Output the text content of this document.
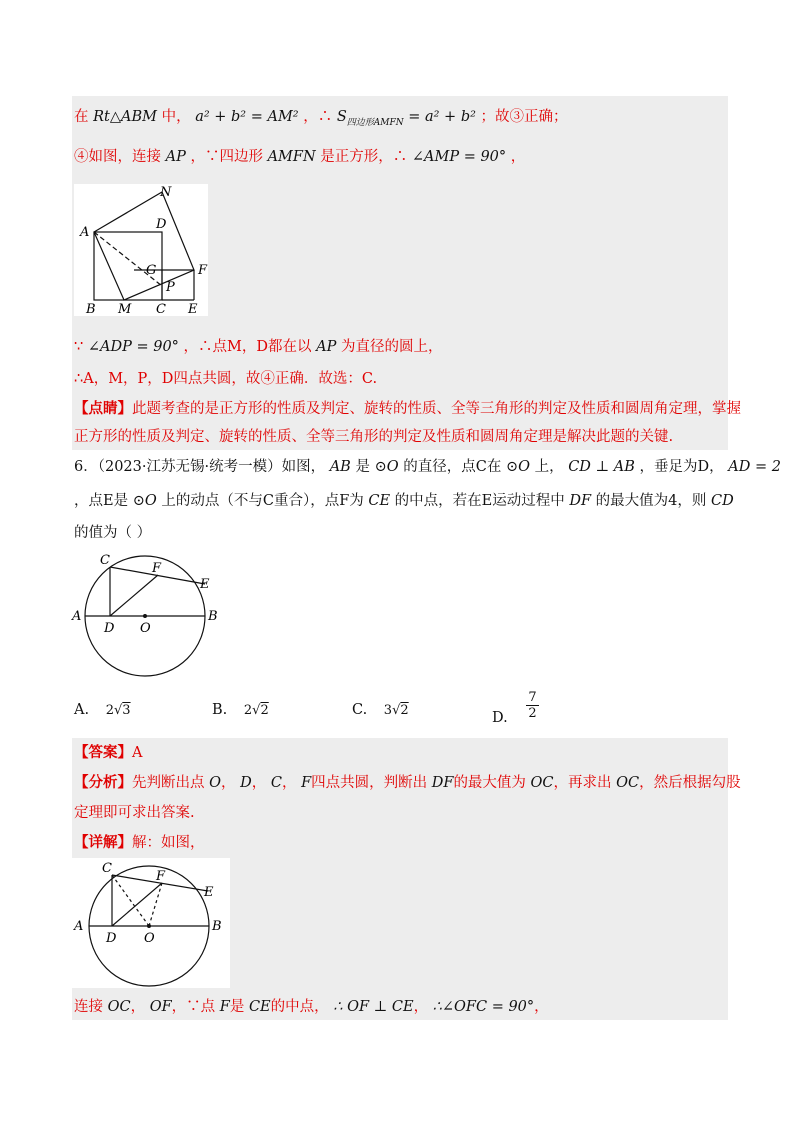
在 Rt△ABM 中， a² + b² = AM² ，∴ $S_{四边形AMFN} = a^2 + b^2$ ；故③正确；
④如图，连接 AP ，∵四边形 AMFN 是正方形，∴ ∠AMP = 90° ，
N
A
D
G	F
P
B M C E
∵ ∠ADP = 90° ，∴点M，D都在以 AP 为直径的圆上，
∴A，M，P，D四点共圆，故④正确．故选：C.
【点睛】此题考查的是正方形的性质及判定、旋转的性质、全等三角形的判定及性质和圆周角定理，掌握
正方形的性质及判定、旋转的性质、全等三角形的判定及性质和圆周角定理是解决此题的关键.
6．（2023·江苏无锡·统考一模）如图， AB 是 ⊙O 的直径，点C在 ⊙O 上， CD ⊥ AB ，垂足为D， AD = 2
，点E是 ⊙O 上的动点（不与C重合），点F为 CE 的中点，若在E运动过程中 DF 的最大值为4，则 CD
的值为（ ）
C
F
E
A
D O
B
A. 2√3	B. 2√2	C. 3√2	D. $\frac{7}{2}$
【答案】A
【分析】先判断出点 O， D， C， F四点共圆，判断出 DF的最大值为 OC，再求出 OC，然后根据勾股
定理即可求出答案.
【详解】解：如图，
C
F
E
A
D O
B
连接 OC， OF，∵点 F是 CE的中点， ∴ OF ⊥ CE， ∴∠OFC = 90°，
